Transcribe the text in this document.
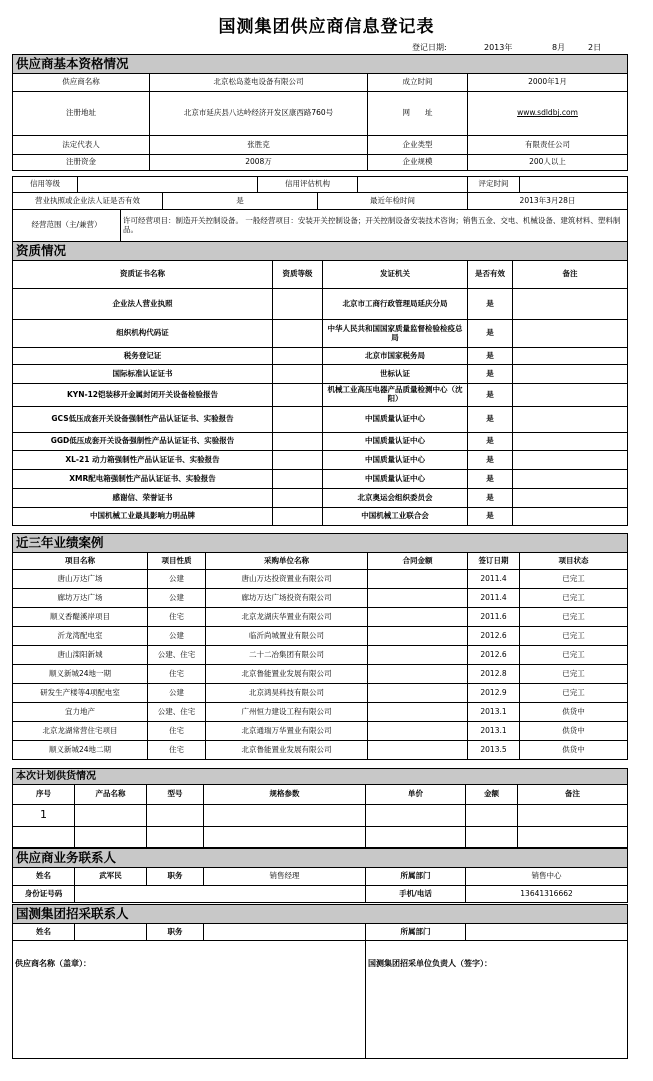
国测集团供应商信息登记表
登记日期:	2013年	8月	2日
供应商基本资格情况			
供应商名称	北京松岛菱电设备有限公司	成立时间	2000年1月
注册地址	北京市延庆县八达岭经济开发区康西路760号	网　　址	www.sdldbj.com
法定代表人	张胜克	企业类型	有限责任公司
注册资金	2008万	企业规模	200人以上
信用等级		信用评估机构		评定时间	
营业执照或企业法人证是否有效	是	最近年检时间	2013年3月28日
经营范围（主/兼营）	许可经营项目：制造开关控制设备。 一般经营项目：安装开关控制设备；开关控制设备安装技术咨询；销售五金、交电、机械设备、建筑材料、塑料制品。
资质情况				
资质证书名称	资质等级	发证机关	是否有效	备注
企业法人营业执照		北京市工商行政管理局延庆分局	是	
组织机构代码证		中华人民共和国国家质量监督检验检疫总局	是	
税务登记证		北京市国家税务局	是	
国际标准认证证书		世标认证	是	
KYN-12铠装移开金属封闭开关设备检验报告		机械工业高压电器产品质量检测中心（沈阳）	是	
GCS低压成套开关设备强制性产品认证证书、实验报告		中国质量认证中心	是	
GGD低压成套开关设备强制性产品认证证书、实验报告		中国质量认证中心	是	
XL-21 动力箱强制性产品认证证书、实验报告		中国质量认证中心	是	
XMR配电箱强制性产品认证证书、实验报告		中国质量认证中心	是	
感谢信、荣誉证书		北京奥运会组织委员会	是	
中国机械工业最具影响力明品牌		中国机械工业联合会	是	
近三年业绩案例					
项目名称	项目性质	采购单位名称	合同金额	签订日期	项目状态
唐山万达广场	公建	唐山万达投资置业有限公司		2011.4	已完工
廊坊万达广场	公建	廊坊万达广场投资有限公司		2011.4	已完工
顺义香醍溪岸项目	住宅	北京龙湖庆华置业有限公司		2011.6	已完工
沂龙湾配电室	公建	临沂尚城置业有限公司		2012.6	已完工
唐山滦阳新城	公建、住宅	二十二冶集团有限公司		2012.6	已完工
顺义新城24地一期	住宅	北京鲁能置业发展有限公司		2012.8	已完工
研发生产楼等4项配电室	公建	北京鸿昊科技有限公司		2012.9	已完工
宜力地产	公建、住宅	广州恒力建设工程有限公司		2013.1	供货中
北京龙湖常营住宅项目	住宅	北京通瑞万华置业有限公司		2013.1	供货中
顺义新城24地二期	住宅	北京鲁能置业发展有限公司		2013.5	供货中
本次计划供货情况						
序号	产品名称	型号	规格参数	单价	金额	备注
1						

供应商业务联系人					
姓名	武军民	职务	销售经理	所属部门	销售中心
身份证号码				手机/电话	13641316662
国测集团招采联系人					
姓名		职务		所属部门	
供应商名称（盖章）：				国测集团招采单位负责人（签字）：	
